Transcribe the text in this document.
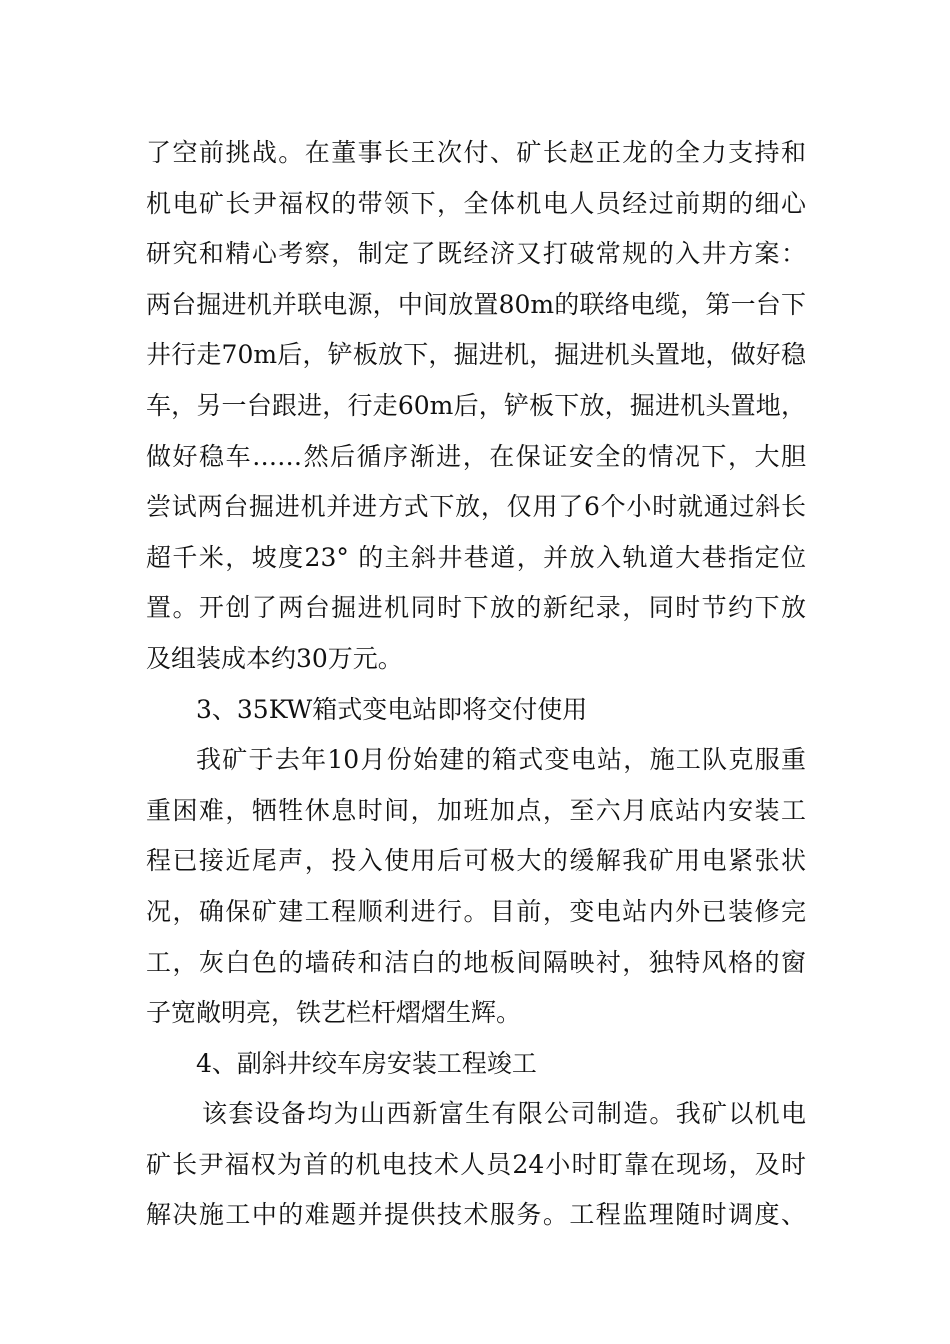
了空前挑战。在董事长王次付、矿长赵正龙的全力支持和
机电矿长尹福权的带领下，全体机电人员经过前期的细心
研究和精心考察，制定了既经济又打破常规的入井方案：
两台掘进机并联电源，中间放置80m的联络电缆，第一台下
井行走70m后，铲板放下，掘进机，掘进机头置地，做好稳
车，另一台跟进，行走60m后，铲板下放，掘进机头置地，
做好稳车……然后循序渐进，在保证安全的情况下，大胆
尝试两台掘进机并进方式下放，仅用了6个小时就通过斜长
超千米，坡度23° 的主斜井巷道，并放入轨道大巷指定位
置。开创了两台掘进机同时下放的新纪录，同时节约下放
及组装成本约30万元。
3、35KW箱式变电站即将交付使用
我矿于去年10月份始建的箱式变电站，施工队克服重
重困难，牺牲休息时间，加班加点，至六月底站内安装工
程已接近尾声，投入使用后可极大的缓解我矿用电紧张状
况，确保矿建工程顺利进行。目前，变电站内外已装修完
工，灰白色的墙砖和洁白的地板间隔映衬，独特风格的窗
子宽敞明亮，铁艺栏杆熠熠生辉。
4、副斜井绞车房安装工程竣工
该套设备均为山西新富生有限公司制造。我矿以机电
矿长尹福权为首的机电技术人员24小时盯靠在现场，及时
解决施工中的难题并提供技术服务。工程监理随时调度、
